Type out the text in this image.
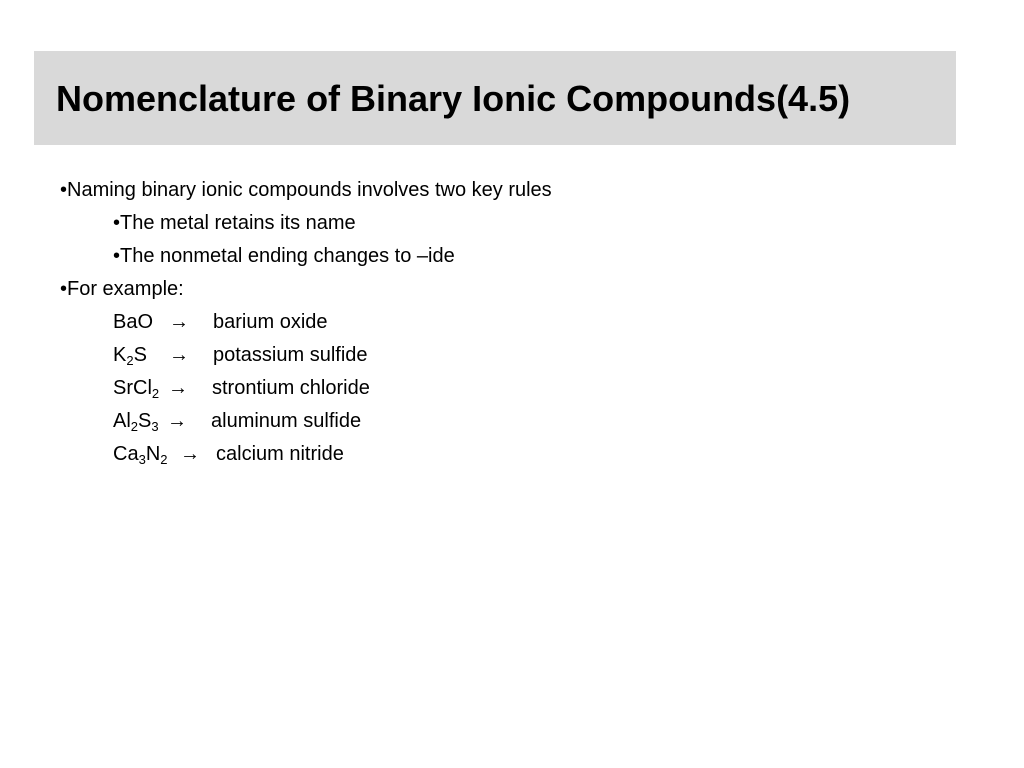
Nomenclature of Binary Ionic Compounds(4.5)
•Naming binary ionic compounds involves two key rules
•The metal retains its name
•The nonmetal ending changes to –ide
•For example:
BaO → barium oxide
$K_2S$ → potassium sulfide
SrCl$_2$ → strontium chloride
$Al_2S_3$ → aluminum sulfide
$Ca_3N_2$ → calcium nitride
